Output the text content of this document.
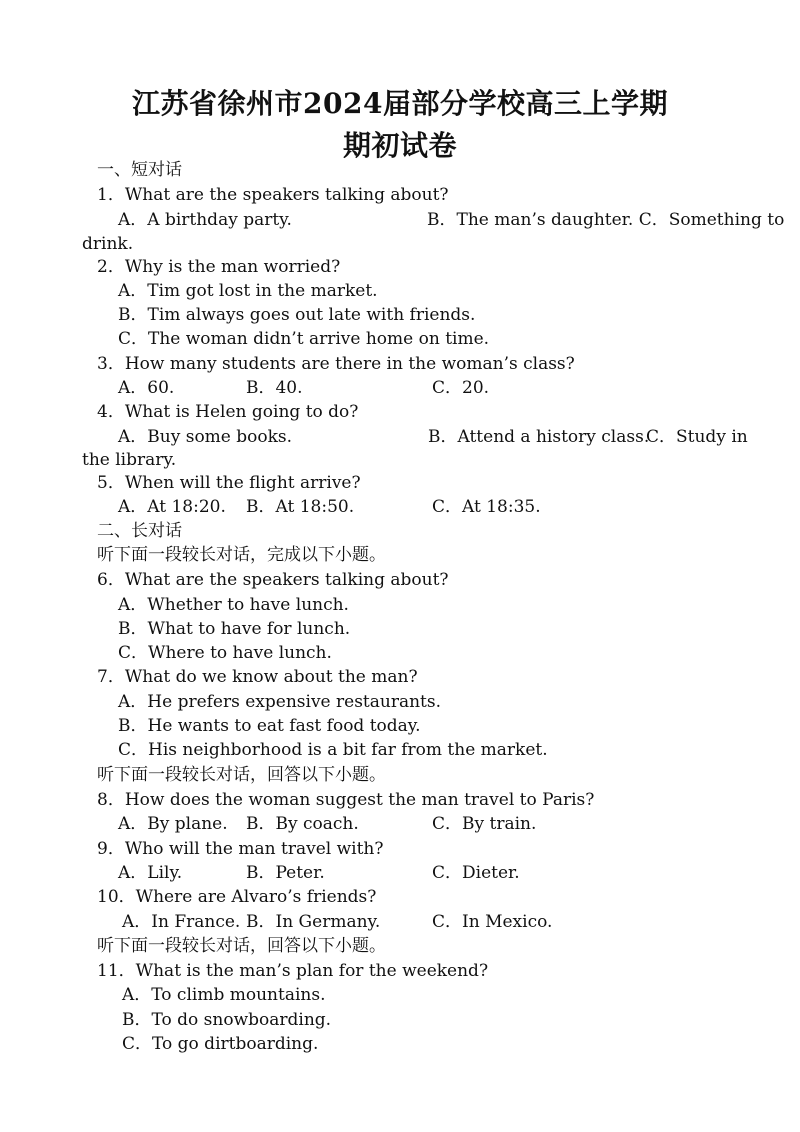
江苏省徐州市2024届部分学校高三上学期
期初试卷
一、短对话
1．What are the speakers talking about?
A．A birthday party.	B．The man’s daughter. C．Something to
drink.
2．Why is the man worried?
A．Tim got lost in the market.
B．Tim always goes out late with friends.
C．The woman didn’t arrive home on time.
3．How many students are there in the woman’s class?
A．60.	B．40.	C．20.
4．What is Helen going to do?
A．Buy some books.	B．Attend a history class.
C．Study in
the library.
5．When will the flight arrive?
A．At 18:20. B．At 18:50.	C．At 18:35.
二、长对话
听下面一段较长对话，完成以下小题。
6．What are the speakers talking about?
A．Whether to have lunch.
B．What to have for lunch.
C．Where to have lunch.
7．What do we know about the man?
A．He prefers expensive restaurants.
B．He wants to eat fast food today.
C．His neighborhood is a bit far from the market.
听下面一段较长对话，回答以下小题。
8．How does the woman suggest the man travel to Paris?
A．By plane. B．By coach.	C．By train.
9．Who will the man travel with?
A．Lily.	B．Peter.	C．Dieter.
10．Where are Alvaro’s friends?
A．In France. B．In Germany.	C．In Mexico.
听下面一段较长对话，回答以下小题。
11．What is the man’s plan for the weekend?
A．To climb mountains.
B．To do snowboarding.
C．To go dirtboarding.
